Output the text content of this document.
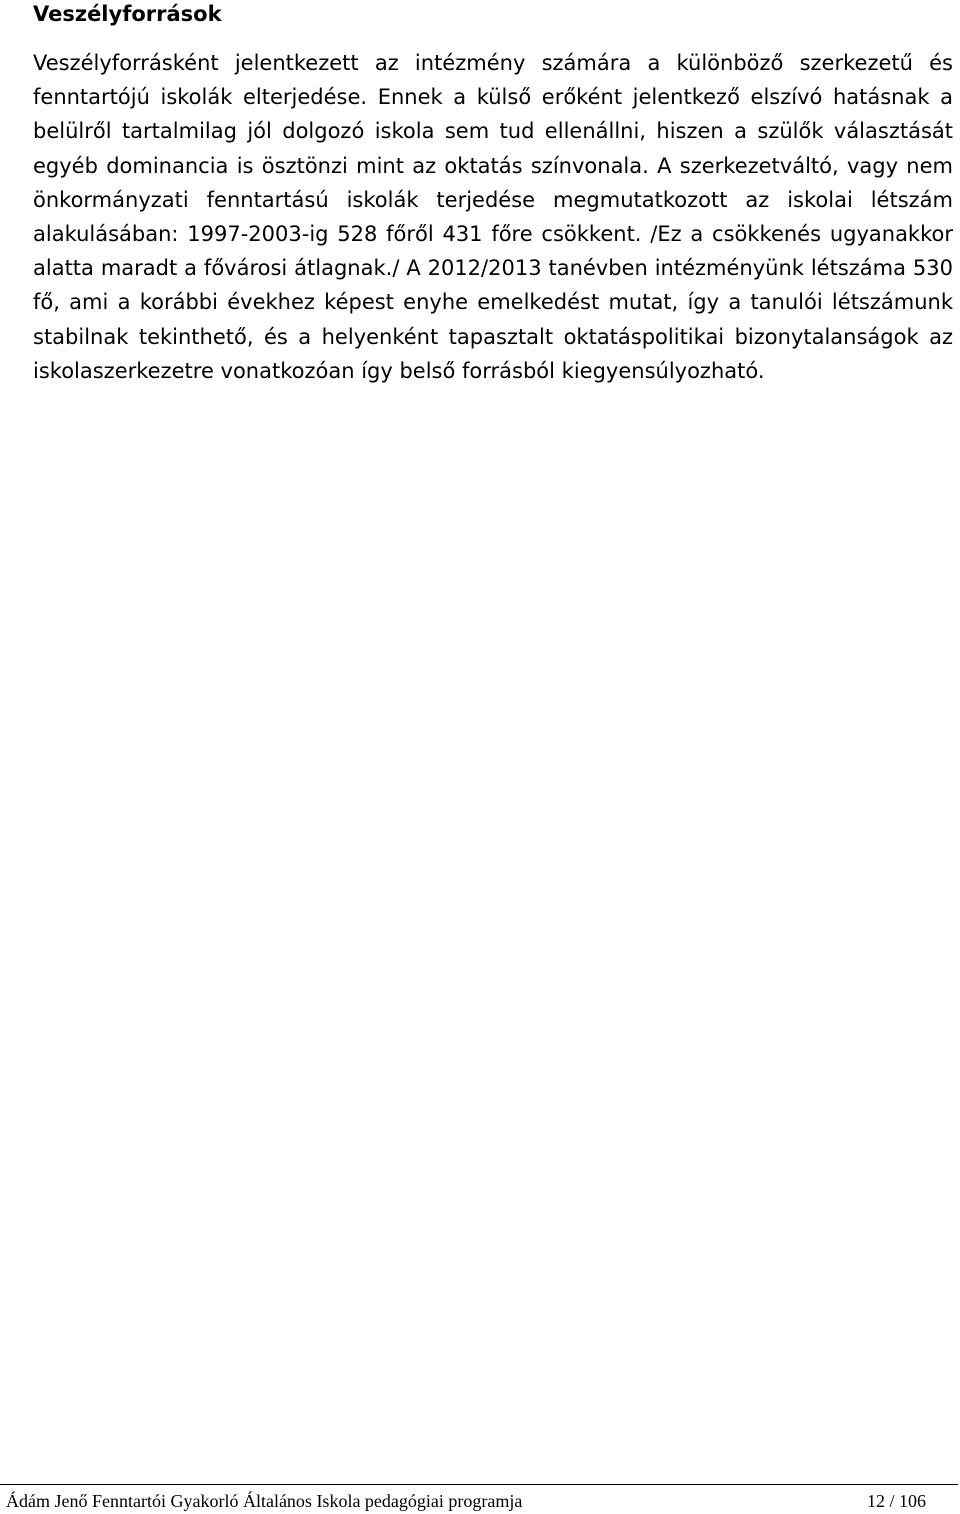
Veszélyforrások

Veszélyforrásként jelentkezett az intézmény számára a különböző szerkezetű és fenntartójú iskolák elterjedése. Ennek a külső erőként jelentkező elszívó hatásnak a belülről tartalmilag jól dolgozó iskola sem tud ellenállni, hiszen a szülők választását egyéb dominancia is ösztönzi mint az oktatás színvonala. A szerkezetváltó, vagy nem önkormányzati fenntartású iskolák terjedése megmutatkozott az iskolai létszám alakulásában: 1997-2003-ig 528 főről 431 főre csökkent. /Ez a csökkenés ugyanakkor alatta maradt a fővárosi átlagnak./ A 2012/2013 tanévben intézményünk létszáma 530 fő, ami a korábbi évekhez képest enyhe emelkedést mutat, így a tanulói létszámunk stabilnak tekinthető, és a helyenként tapasztalt oktatáspolitikai bizonytalanságok az iskolaszerkezetre vonatkozóan így belső forrásból kiegyensúlyozható.

Ádám Jenő Fenntartói Gyakorló Általános Iskola pedagógiai programja	12 / 106
